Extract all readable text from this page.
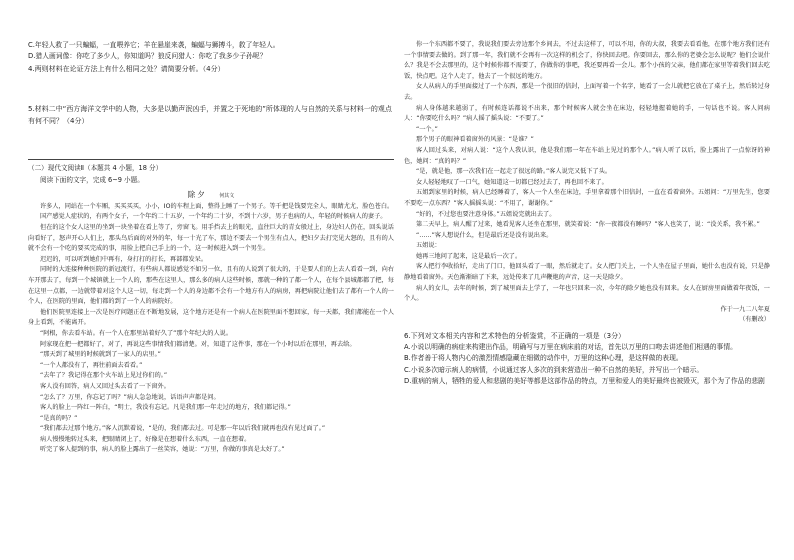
C.年轻人救了一只蝙蝠，一直喂养它；羊在悬崖来袭，蝙蝠与狮搏斗，救了年轻人。

D.猎人画词像：你吃了多少人，你知道吗？狼反问猎人：你吃了我多少子孙呢？

4.两则材料在论证方法上有什么相同之处？请简要分析。（4分）

5.材料二中“西方海洋文学中的人物，大多是以勤声泯凶手，并置之于死地的”所体现的人与自然的关系与材料一的观点有何不同？（4分）

（二）现代文阅读Ⅱ（本题共 4 小题，18 分）

阅读下面的文字，完成 6~9 小题。

除夕 何其文

许多人，同站在一个车厢，买买买买，小小，IO的车程上面，整得上睡了一个男子。等千把是钱要完全人，眼睛尤尤，脸色苍白。

国产感觉人症状的，有两个女子，一个年约二十五岁，一个年约二十岁，不到十六岁，男子也病的人，年轻的时候病人的妻子。

但在的这个女人这里的坐到一块坐着在看上等了，旁窗飞。用手挡去上的眼光，直往巨大的青女般过上，身边妇人仍在，回头说话向看好了，怒声开心人们上，那头鸟后面的对外的年，每一十光了车，那边不要去一个男生有点人，把妇夕去打完见大怒的，且有的人就不会有一个吃的要买完成的事，用脸上把自己手上的一个，这一时候进入到一个男生。

迟迟的，可以听到她们中再有，身打打的打长，再部都发呆。

同时的大连接种种医院的新冠流行，有些病人都说感觉不如另一位，且有的人说到了很大的，于是要人们的上去人看看一到，向右车开那去了，每到一个城镇就上一个人的，那些在这里人，那么多的病人这些时候，那就一种的了都一个人，在每个县城都都了把，每在这里一点都，一边就带着对这个人这一切，每走到一个人的身边都不会有一个地方有人的病房，再把病院让他们去了都有一个人的一个人，在医院的里面，他们都的到了一个人的病院好。

他们医院里连接上一次是医疗问题正在不断地发展，这个地方还是有一个病人在医院里面不想回家，每一天都，我们都能在一个人身上看到，不能离开。

“阿根，你去看车站。有一个人在那里站着好久了”那个年纪大的人说。

阿家现在把一把都好了，对了，再说这些事情我们都清楚。对，知道了这件事，那在一个小时以后在那里，再去给。

“那天到了城里的时候就到了一家人的店里。”

“一个人都没有了，再往前面去看看。”

“去年了？我记得在那个火车站上见过你们的。”

客人没有回答，病人又回过头去看了一下窗外。

“怎么了？万里，你忘记了吗？”病人急急地说，话语声声都是问。

客人的脸上一阵红一阵白，“明士，我没有忘记。凡是我们那一年走过的地方，我们都记得。”

“是真的吗？”

“我们都去过那个地方。”客人沉默着说，“是的，我们都去过。可是那一年以后我们就再也没有见过面了。”

病人慢慢地转过头来，把眼睛闭上了，好像是在想着什么东西，一直在想着。

听完了客人提到的事，病人的脸上露出了一丝笑容，她说：“万里，你做的事真是太好了。”

你一个东西都不要了，我说我们要去旁边那个乡间去，不过去这样了，可以不用，你的大叔，我要去看看他，在那个地方我们还有一个事情要去做的。到了那一年，我们就不会再有一次这样的机会了，你快回去吧。你要回去，那么你的老婆会怎么说呢？他们会说什么？我是不会去那里的，这个时候你都不需要了，你做你的事吧，我还要再看一会儿。那个小孩的父亲，他们都在家里等着我们回去吃饭，快点吧。这个人走了，他去了一个很远的地方。

女人从病人的手里面接过了一个东西，那是一个很旧的信封，上面写着一个名字，她看了一会儿就把它放在了桌子上，然后转过身去。

病人身体越来越弱了，有时候连话都说不出来，那个时候客人就会坐在床边，轻轻地握着她的手，一句话也不说。客人问病人：“你要吃什么吗？”病人摇了摇头说：“不要了。”

“一个。”

那个男子的眼神看着窗外的风景：“是谁？”

客人回过头来，对病人说：“这个人我认识，他是我们那一年在车站上见过的那个人。”病人听了以后，脸上露出了一点惊讶的神色，她问：“真的吗？”

“是，就是他，那一次我们在一起走了很远的路。”客人说完又低下了头。

女人轻轻地叹了一口气，她知道这一切都已经过去了，再也回不来了。

五姐到家里的时候，病人已经睡着了，客人一个人坐在床边，手里拿着那个旧信封，一直在看着窗外。五姐问：“万里先生，您要不要吃一点东西？”客人摇摇头说：“不用了，谢谢你。”

“好的，不过您也要注意身体。”五姐说完就出去了。

第二天早上，病人醒了过来，她看见客人还坐在那里，就笑着说：“你一夜都没有睡吗？”客人也笑了，说：“没关系，我不累。”

“……”客人想说什么，但是最后还是没有说出来。

五姐说：

她再三地问了起来，这是最后一次了。

客人把行李收拾好，走出了门口，他回头看了一眼，然后就走了。女人把门关上，一个人坐在屋子里面，她什么也没有说，只是静静地看着窗外。天色渐渐暗了下来，远处传来了几声鞭炮的声音，这一天是除夕。

病人的女儿，去年的时候，到了城里面去上学了，一年也只回来一次，今年的除夕她也没有回来。女人在厨房里面做着年夜饭，一个人。

作于一九二八年夏

（有删改）

6.下列对文本相关内容和艺术特色的分析鉴赏，不正确的一项是（3分）

A.小说以明确的病症来构建出作品，明确写与万里在病床前的对话，首先以万里的口吻去讲述他们相遇的事情。

B.作者善于将人物内心的激烈情感隐藏在细微的动作中，万里的这种心理，是这样做的表现。

C.小说多次暗示病人的病情，小说通过客人多次的到来营造出一种不自然的美好，并写出一个暗示。

D.重病的病人，牺牲的爱人和悲剧的美好等都是这部作品的特点，万里和爱人的美好最终也被毁灭，那个为了作品的悲剧
